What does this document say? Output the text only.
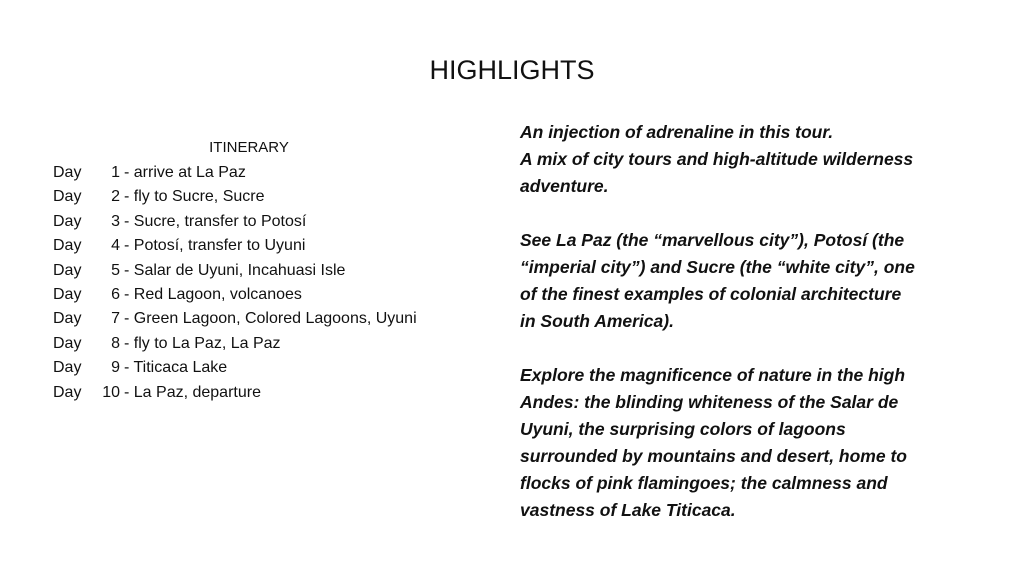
HIGHLIGHTS
ITINERARY
Day	1 - arrive at La Paz
Day	2 - fly to Sucre, Sucre
Day	3 - Sucre, transfer to Potosí
Day	4 - Potosí, transfer to Uyuni
Day	5 - Salar de Uyuni, Incahuasi Isle
Day	6 - Red Lagoon, volcanoes
Day	7 - Green Lagoon, Colored Lagoons, Uyuni
Day	8 - fly to La Paz, La Paz
Day	9 - Titicaca Lake
Day	10 - La Paz, departure

An injection of adrenaline in this tour.
A mix of city tours and high-altitude wilderness
adventure.

See La Paz (the “marvellous city”), Potosí (the
“imperial city”) and Sucre (the “white city”, one
of the finest examples of colonial architecture
in South America).

Explore the magnificence of nature in the high
Andes: the blinding whiteness of the Salar de
Uyuni, the surprising colors of lagoons
surrounded by mountains and desert, home to
flocks of pink flamingoes; the calmness and
vastness of Lake Titicaca.
